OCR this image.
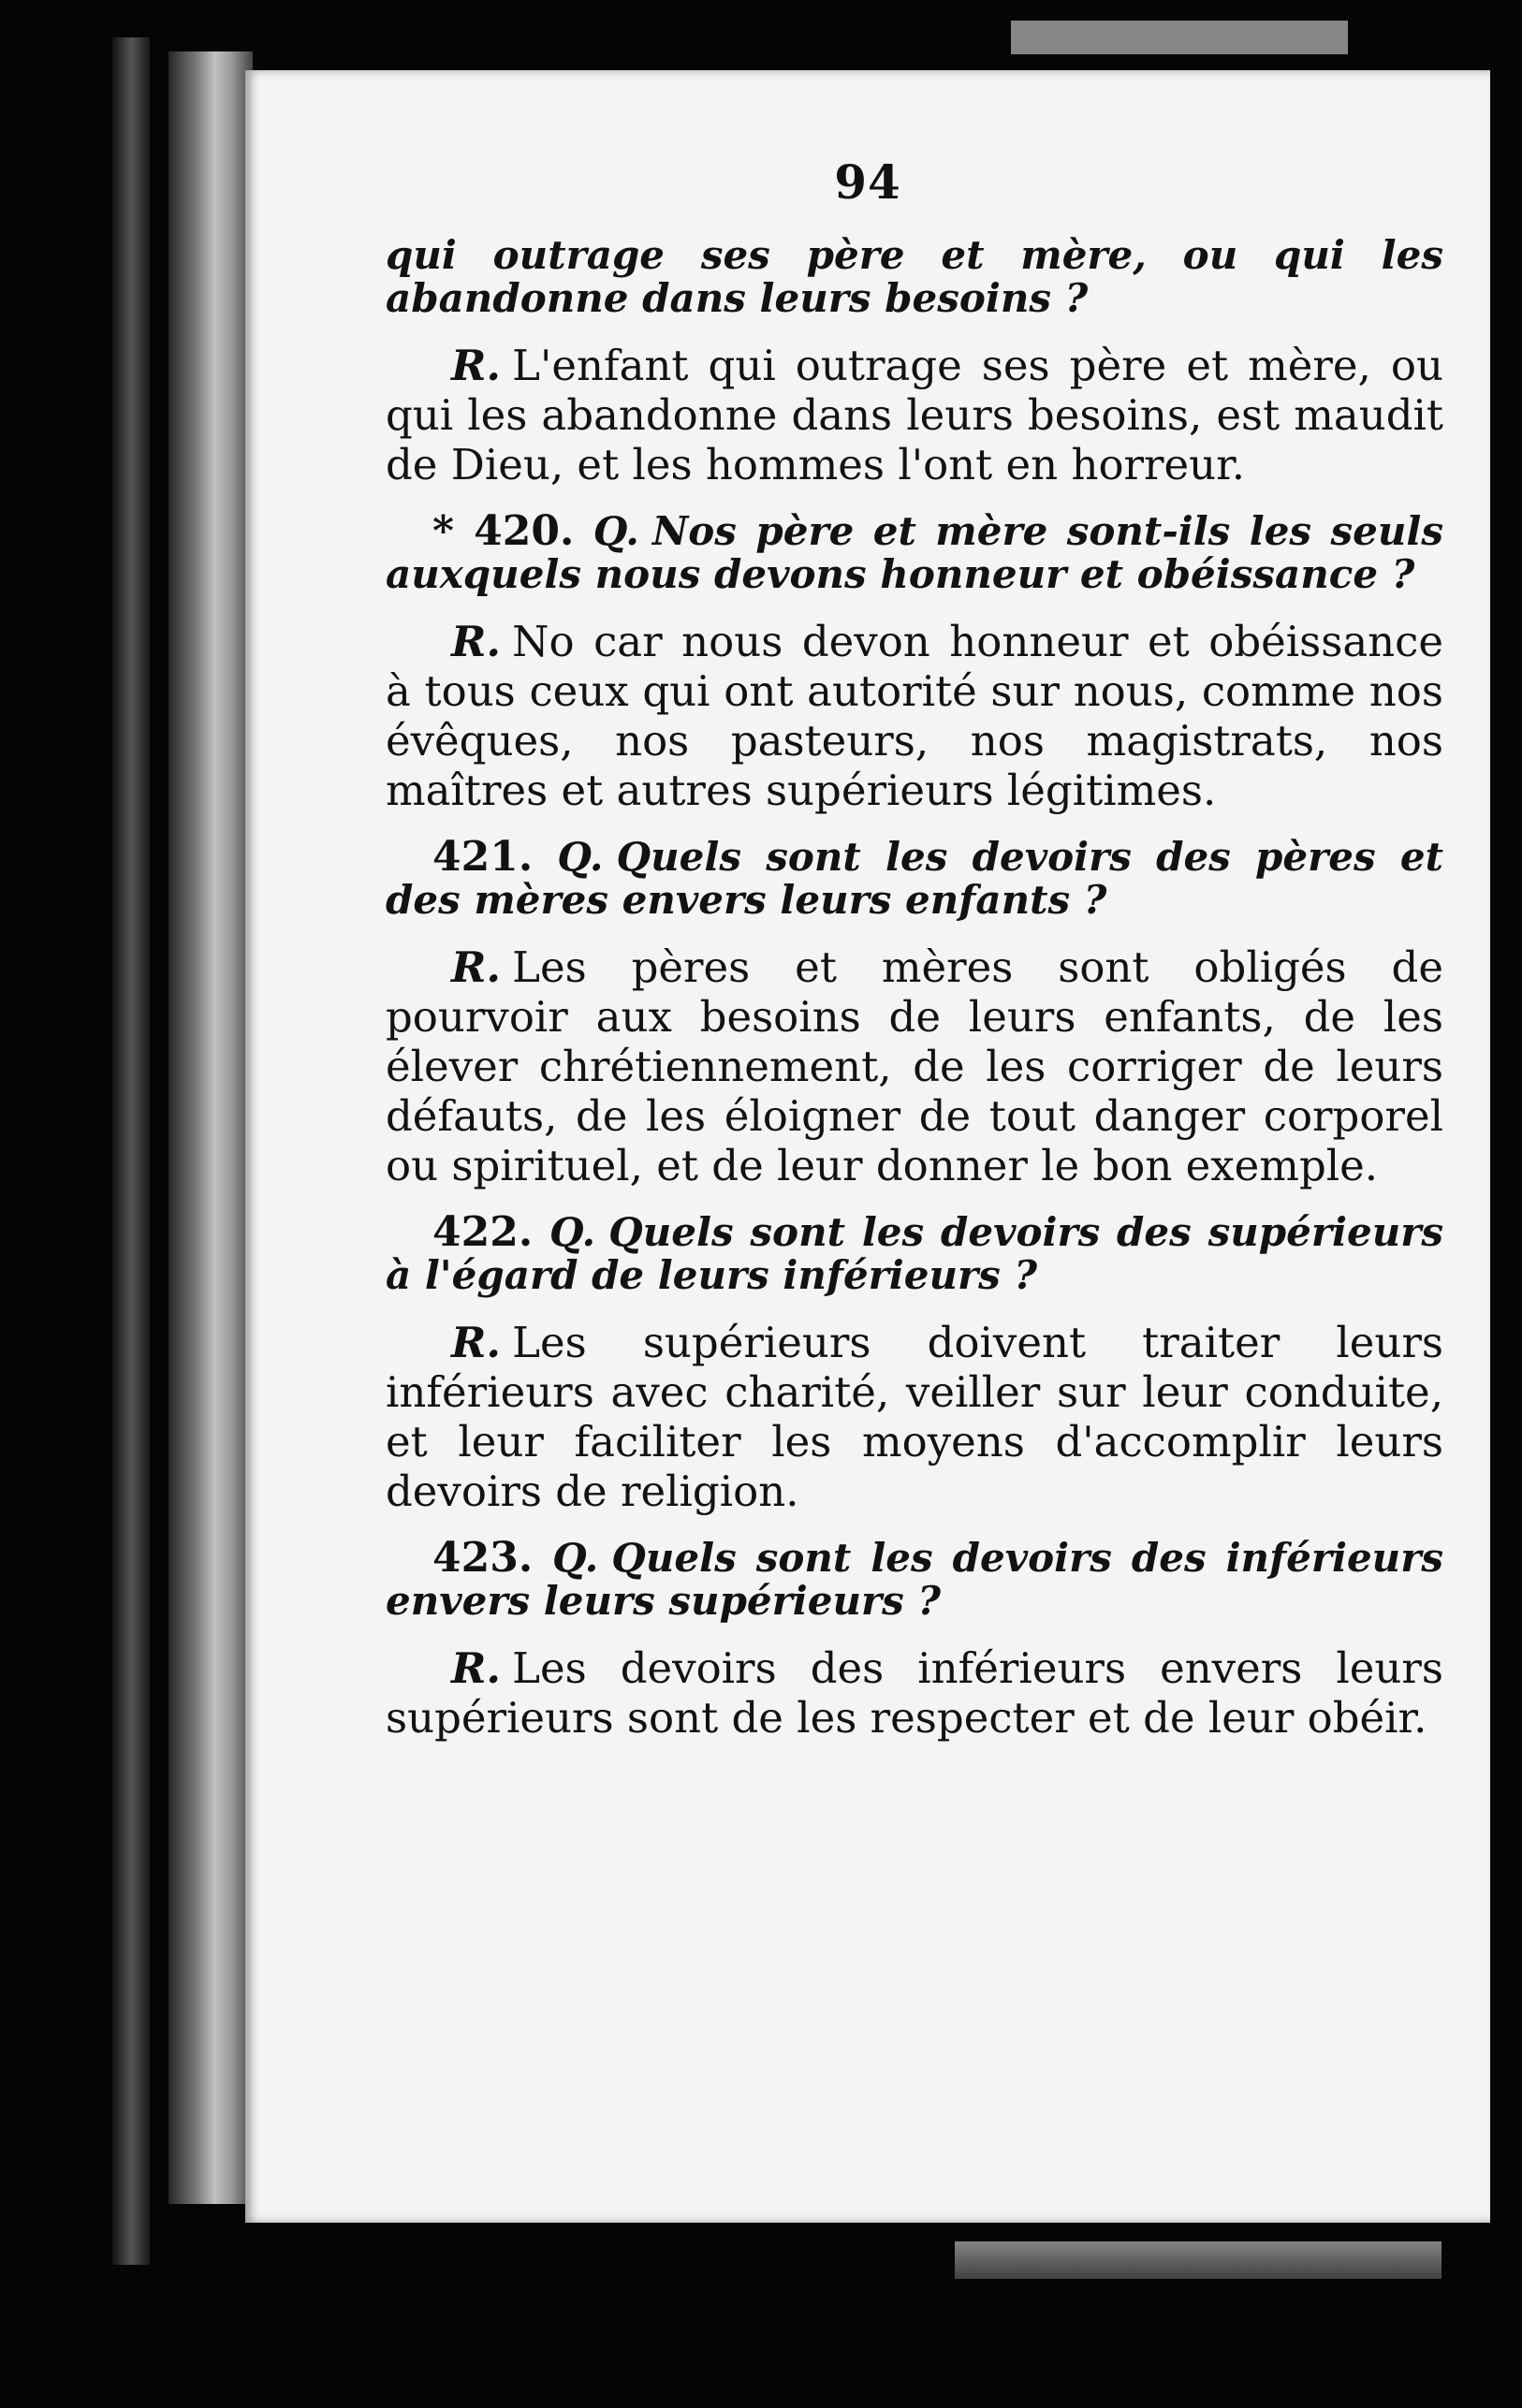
94

qui outrage ses père et mère, ou qui les abandonne dans leurs besoins ?

R. L'enfant qui outrage ses père et mère, ou qui les abandonne dans leurs besoins, est maudit de Dieu, et les hommes l'ont en horreur.

* 420. Q. Nos père et mère sont-ils les seuls auxquels nous devons honneur et obéissance ?

R. No car nous devon honneur et obéissance à tous ceux qui ont autorité sur nous, comme nos évêques, nos pasteurs, nos magistrats, nos maîtres et autres supérieurs légitimes.

421. Q. Quels sont les devoirs des pères et des mères envers leurs enfants ?

R. Les pères et mères sont obligés de pourvoir aux besoins de leurs enfants, de les élever chrétiennement, de les corriger de leurs défauts, de les éloigner de tout danger corporel ou spirituel, et de leur donner le bon exemple.

422. Q. Quels sont les devoirs des supérieurs à l'égard de leurs inférieurs ?

R. Les supérieurs doivent traiter leurs inférieurs avec charité, veiller sur leur conduite, et leur faciliter les moyens d'accomplir leurs devoirs de religion.

423. Q. Quels sont les devoirs des inférieurs envers leurs supérieurs ?

R. Les devoirs des inférieurs envers leurs supérieurs sont de les respecter et de leur obéir.
